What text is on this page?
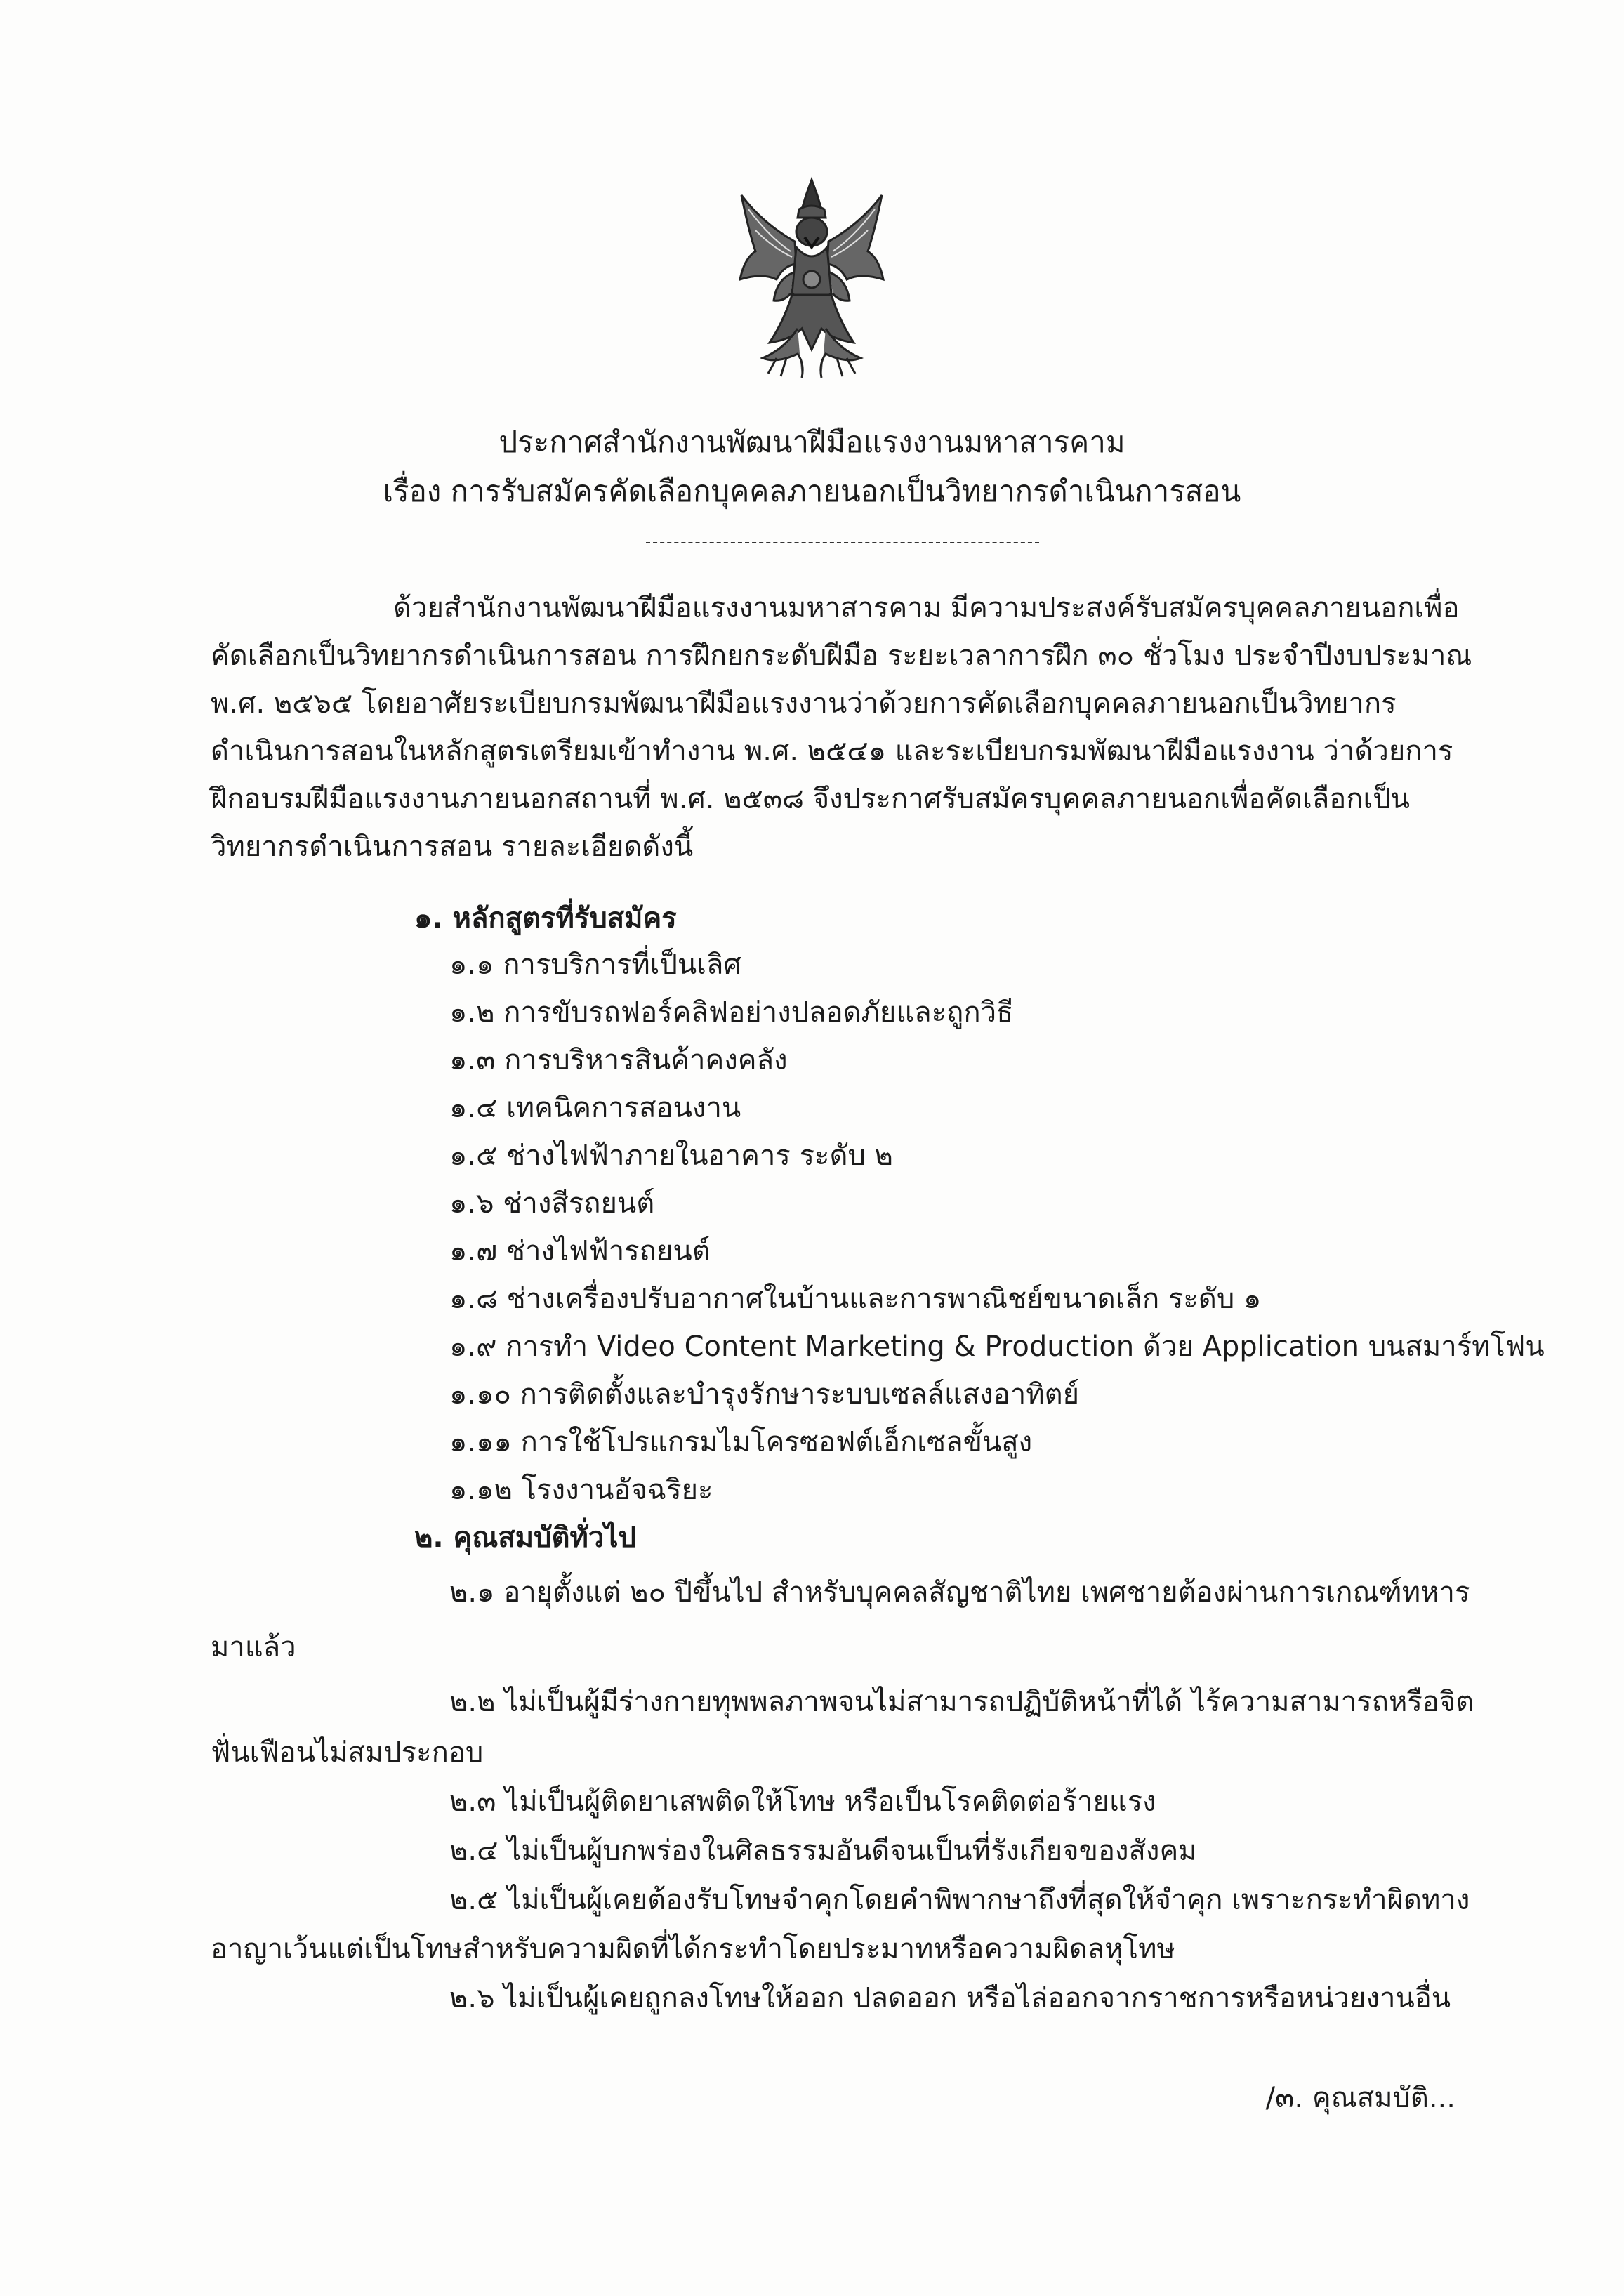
ประกาศสำนักงานพัฒนาฝีมือแรงงานมหาสารคาม
เรื่อง การรับสมัครคัดเลือกบุคคลภายนอกเป็นวิทยากรดำเนินการสอน
ด้วยสำนักงานพัฒนาฝีมือแรงงานมหาสารคาม มีความประสงค์รับสมัครบุคคลภายนอกเพื่อ
คัดเลือกเป็นวิทยากรดำเนินการสอน การฝึกยกระดับฝีมือ ระยะเวลาการฝึก ๓๐ ชั่วโมง ประจำปีงบประมาณ
พ.ศ. ๒๕๖๕ โดยอาศัยระเบียบกรมพัฒนาฝีมือแรงงานว่าด้วยการคัดเลือกบุคคลภายนอกเป็นวิทยากร
ดำเนินการสอนในหลักสูตรเตรียมเข้าทำงาน พ.ศ. ๒๕๔๑ และระเบียบกรมพัฒนาฝีมือแรงงาน ว่าด้วยการ
ฝึกอบรมฝีมือแรงงานภายนอกสถานที่ พ.ศ. ๒๕๓๘ จึงประกาศรับสมัครบุคคลภายนอกเพื่อคัดเลือกเป็น
วิทยากรดำเนินการสอน รายละเอียดดังนี้
๑. หลักสูตรที่รับสมัคร
๑.๑ การบริการที่เป็นเลิศ
๑.๒ การขับรถฟอร์คลิฟอย่างปลอดภัยและถูกวิธี
๑.๓ การบริหารสินค้าคงคลัง
๑.๔ เทคนิคการสอนงาน
๑.๕ ช่างไฟฟ้าภายในอาคาร ระดับ ๒
๑.๖ ช่างสีรถยนต์
๑.๗ ช่างไฟฟ้ารถยนต์
๑.๘ ช่างเครื่องปรับอากาศในบ้านและการพาณิชย์ขนาดเล็ก ระดับ ๑
๑.๙ การทำ Video Content Marketing & Production ด้วย Application บนสมาร์ทโฟน
๑.๑๐ การติดตั้งและบำรุงรักษาระบบเซลล์แสงอาทิตย์
๑.๑๑ การใช้โปรแกรมไมโครซอฟต์เอ็กเซลขั้นสูง
๑.๑๒ โรงงานอัจฉริยะ
๒. คุณสมบัติทั่วไป
๒.๑ อายุตั้งแต่ ๒๐ ปีขึ้นไป สำหรับบุคคลสัญชาติไทย เพศชายต้องผ่านการเกณฑ์ทหาร
มาแล้ว
๒.๒ ไม่เป็นผู้มีร่างกายทุพพลภาพจนไม่สามารถปฏิบัติหน้าที่ได้ ไร้ความสามารถหรือจิต
ฟั่นเฟือนไม่สมประกอบ
๒.๓ ไม่เป็นผู้ติดยาเสพติดให้โทษ หรือเป็นโรคติดต่อร้ายแรง
๒.๔ ไม่เป็นผู้บกพร่องในศิลธรรมอันดีจนเป็นที่รังเกียจของสังคม
๒.๕ ไม่เป็นผู้เคยต้องรับโทษจำคุกโดยคำพิพากษาถึงที่สุดให้จำคุก เพราะกระทำผิดทาง
อาญาเว้นแต่เป็นโทษสำหรับความผิดที่ได้กระทำโดยประมาทหรือความผิดลหุโทษ
๒.๖ ไม่เป็นผู้เคยถูกลงโทษให้ออก ปลดออก หรือไล่ออกจากราชการหรือหน่วยงานอื่น
/๓. คุณสมบัติ...
